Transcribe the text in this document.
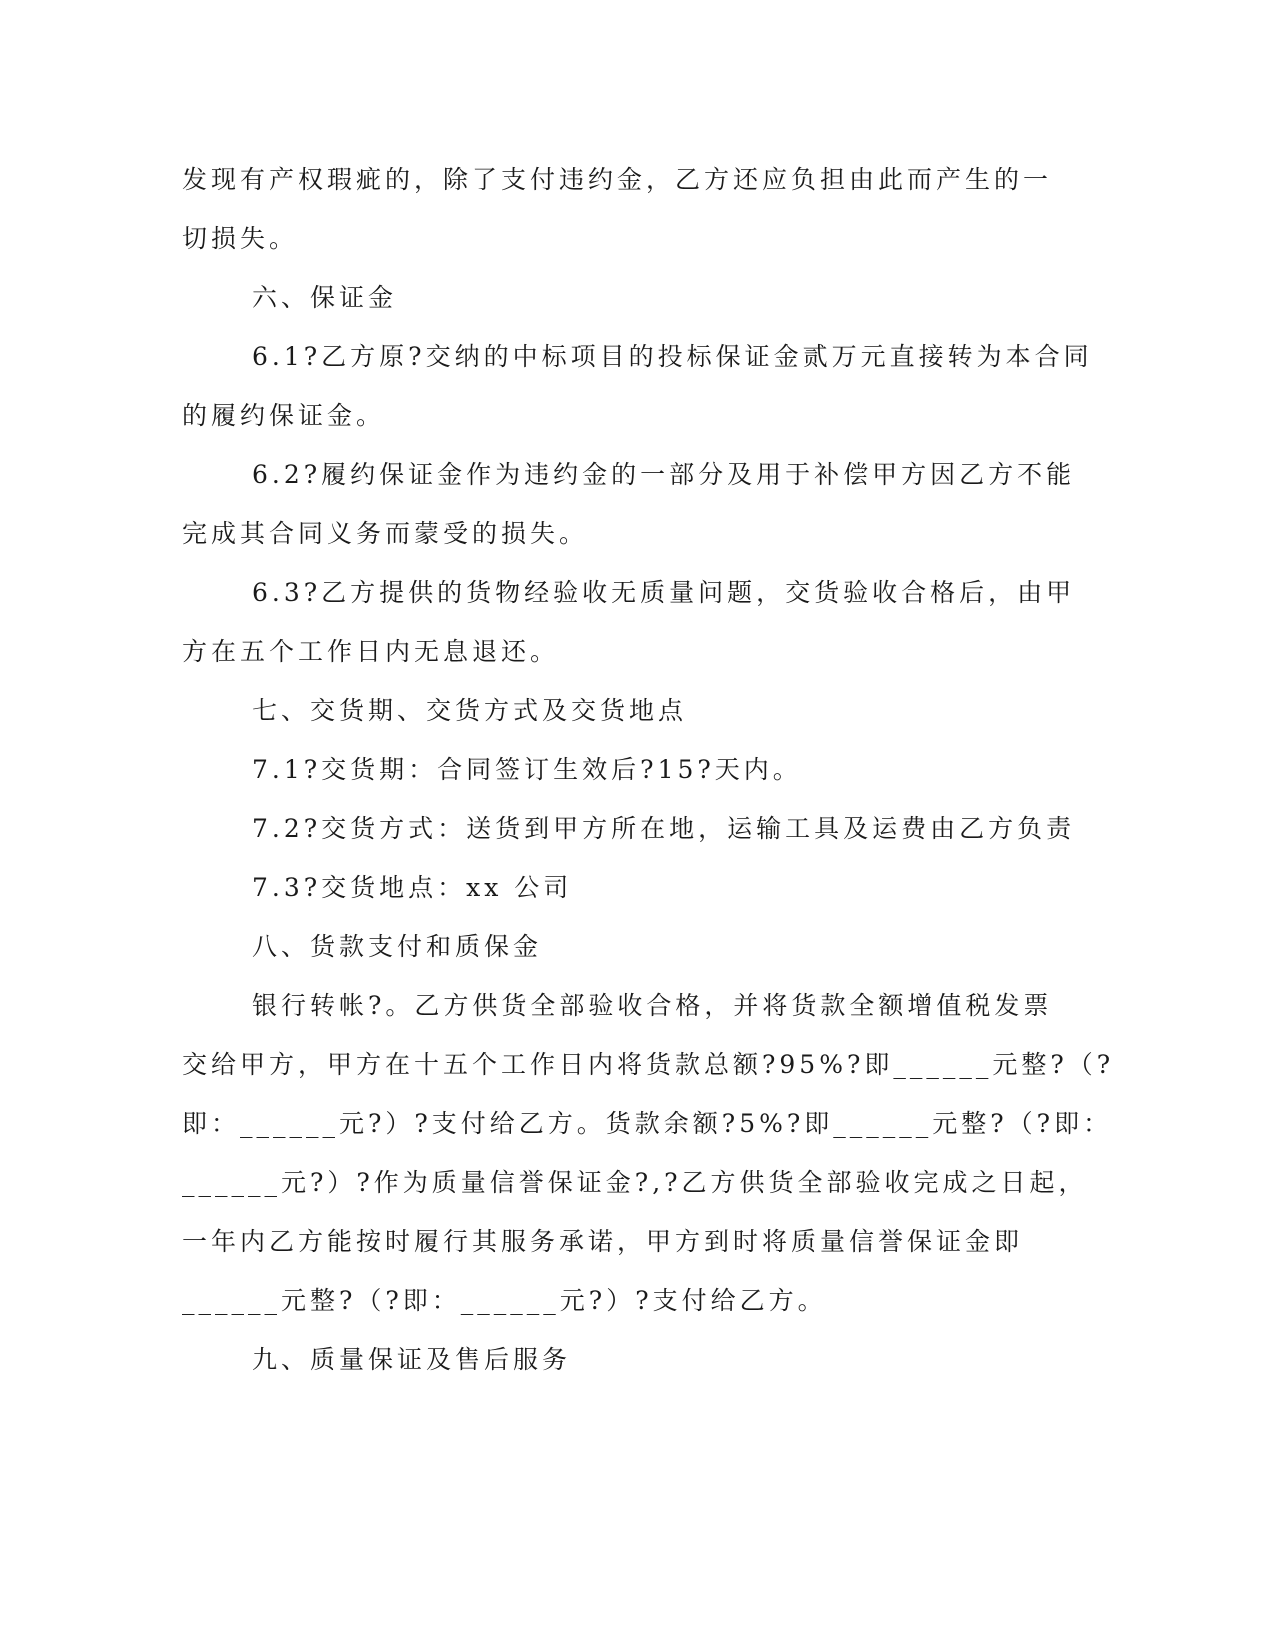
发现有产权瑕疵的，除了支付违约金，乙方还应负担由此而产生的一
切损失。
六、保证金
6.1?乙方原?交纳的中标项目的投标保证金贰万元直接转为本合同
的履约保证金。
6.2?履约保证金作为违约金的一部分及用于补偿甲方因乙方不能
完成其合同义务而蒙受的损失。
6.3?乙方提供的货物经验收无质量问题，交货验收合格后，由甲
方在五个工作日内无息退还。
七、交货期、交货方式及交货地点
7.1?交货期：合同签订生效后?15?天内。
7.2?交货方式：送货到甲方所在地，运输工具及运费由乙方负责
7.3?交货地点：xx 公司
八、货款支付和质保金
银行转帐?。乙方供货全部验收合格，并将货款全额增值税发票
交给甲方，甲方在十五个工作日内将货款总额?95%?即______元整?（?
即：______元?）?支付给乙方。货款余额?5%?即______元整?（?即：
______元?）?作为质量信誉保证金?,?乙方供货全部验收完成之日起，
一年内乙方能按时履行其服务承诺，甲方到时将质量信誉保证金即
______元整?（?即：______元?）?支付给乙方。
九、质量保证及售后服务
